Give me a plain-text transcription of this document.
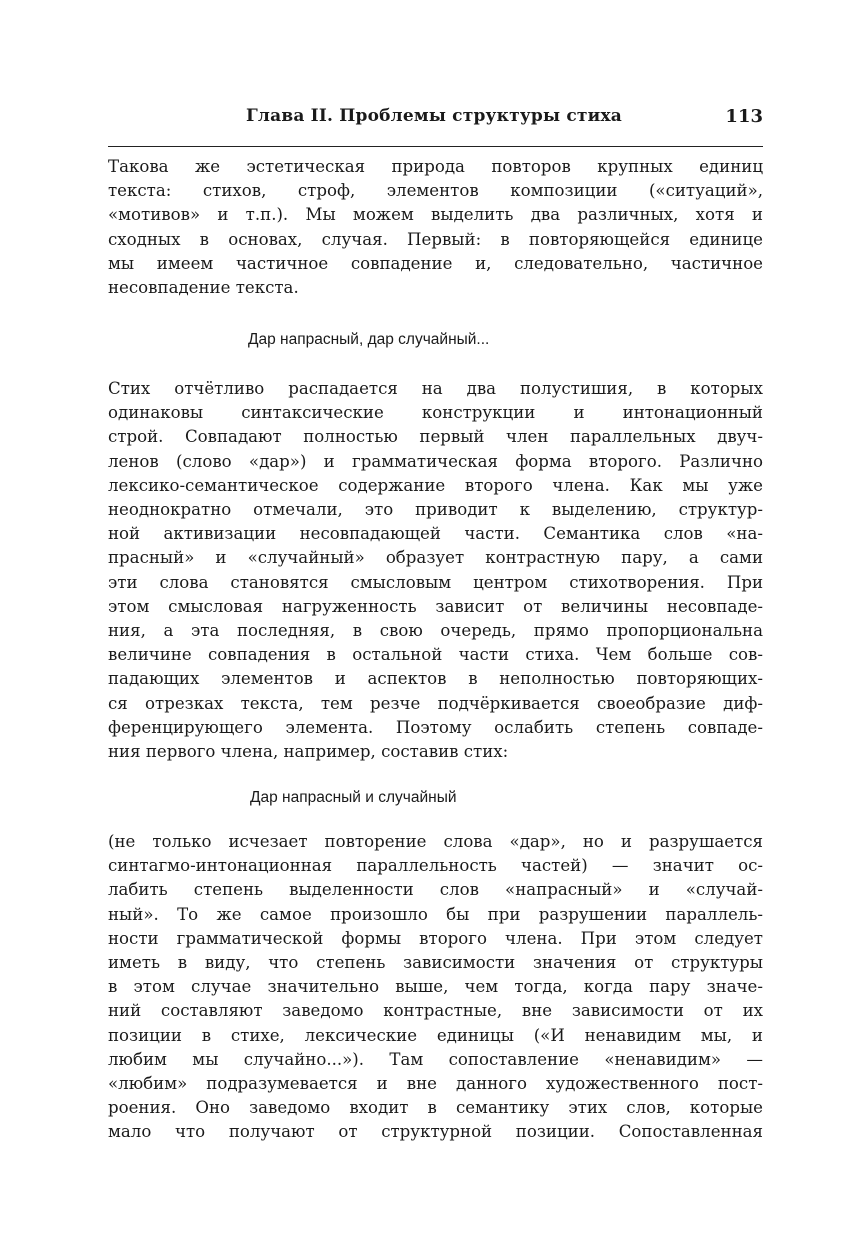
Глава II. Проблемы структуры стиха	113
Такова же эстетическая природа повторов крупных единиц
текста: стихов, строф, элементов композиции («ситуаций»,
«мотивов» и т.п.). Мы можем выделить два различных, хотя и
сходных в основах, случая. Первый: в повторяющейся единице
мы имеем частичное совпадение и, следовательно, частичное
несовпадение текста.
Дар напрасный, дар случайный...
Стих отчётливо распадается на два полустишия, в которых
одинаковы синтаксические конструкции и интонационный
строй. Совпадают полностью первый член параллельных двуч-
ленов (слово «дар») и грамматическая форма второго. Различно
лексико-семантическое содержание второго члена. Как мы уже
неоднократно отмечали, это приводит к выделению, структур-
ной активизации несовпадающей части. Семантика слов «на-
прасный» и «случайный» образует контрастную пару, а сами
эти слова становятся смысловым центром стихотворения. При
этом смысловая нагруженность зависит от величины несовпаде-
ния, а эта последняя, в свою очередь, прямо пропорциональна
величине совпадения в остальной части стиха. Чем больше сов-
падающих элементов и аспектов в неполностью повторяющих-
ся отрезках текста, тем резче подчёркивается своеобразие диф-
ференцирующего элемента. Поэтому ослабить степень совпаде-
ния первого члена, например, составив стих:
Дар напрасный и случайный
(не только исчезает повторение слова «дар», но и разрушается
синтагмо-интонационная параллельность частей) — значит ос-
лабить степень выделенности слов «напрасный» и «случай-
ный». То же самое произошло бы при разрушении параллель-
ности грамматической формы второго члена. При этом следует
иметь в виду, что степень зависимости значения от структуры
в этом случае значительно выше, чем тогда, когда пару значе-
ний составляют заведомо контрастные, вне зависимости от их
позиции в стихе, лексические единицы («И ненавидим мы, и
любим мы случайно...»). Там сопоставление «ненавидим» —
«любим» подразумевается и вне данного художественного пост-
роения. Оно заведомо входит в семантику этих слов, которые
мало что получают от структурной позиции. Сопоставленная
